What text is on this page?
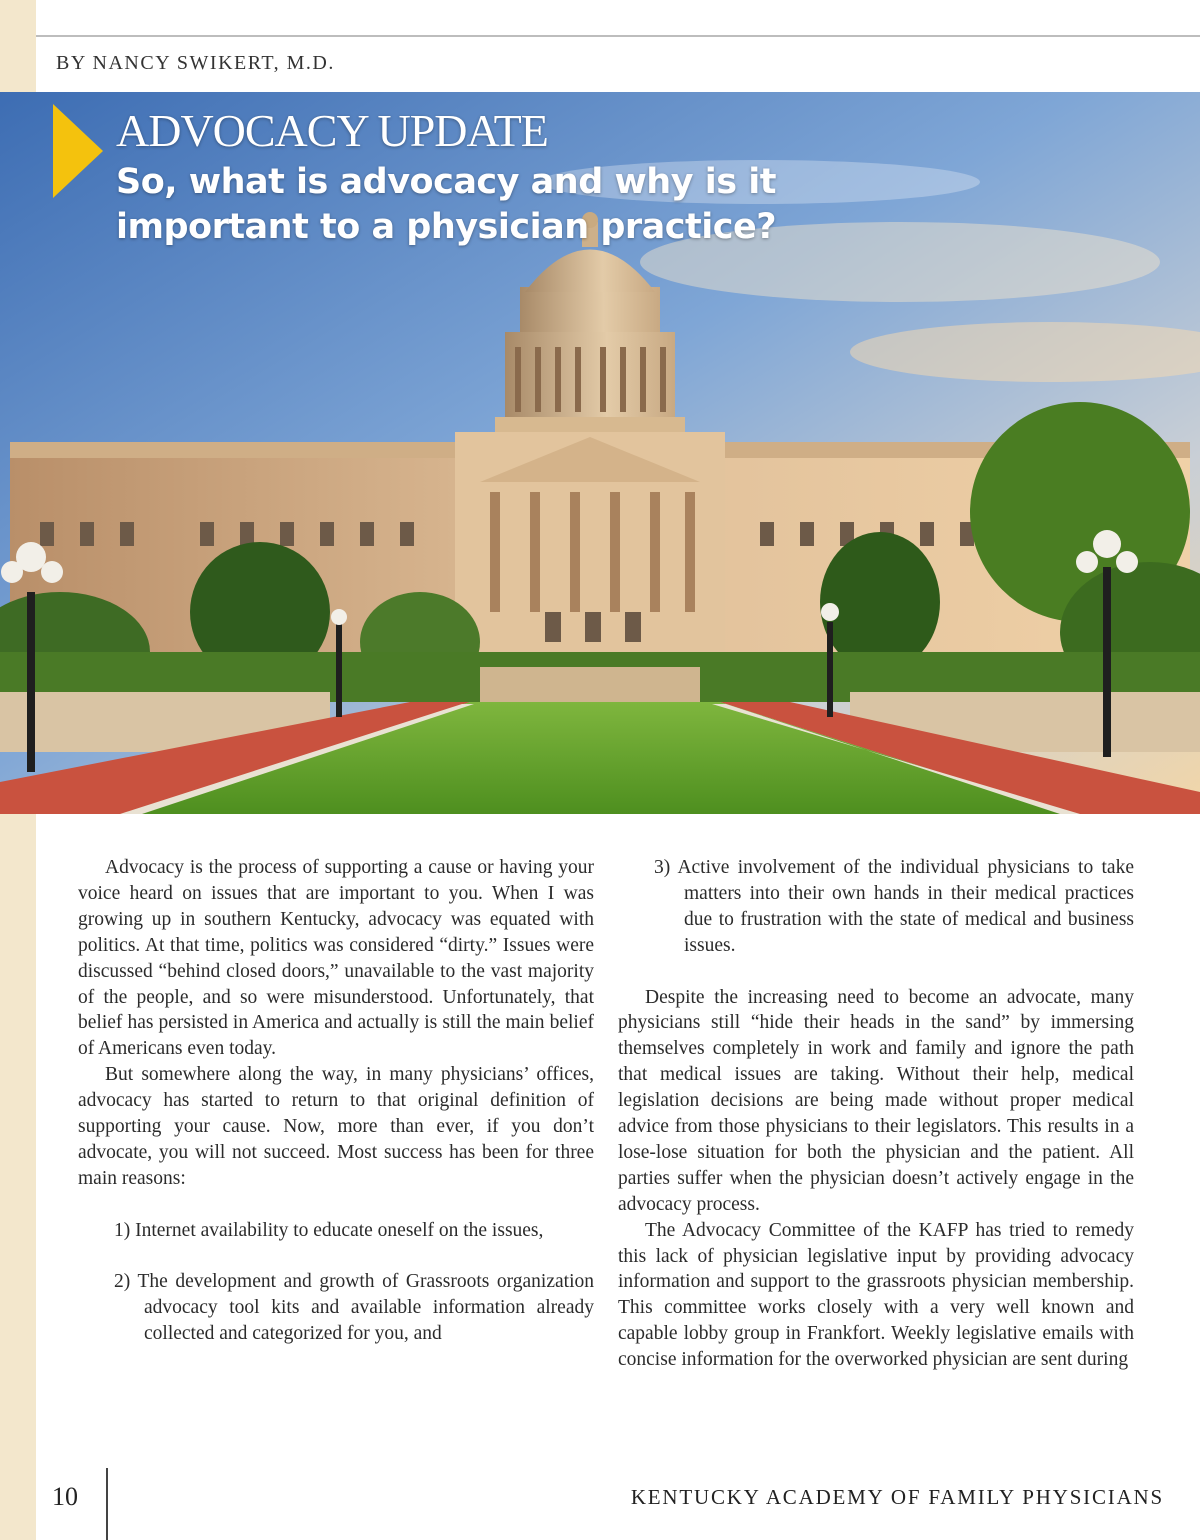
BY NANCY SWIKERT, M.D.
ADVOCACY UPDATE
So, what is advocacy and why is it
important to a physician practice?

Advocacy is the process of supporting a cause or having your voice heard on issues that are important to you. When I was growing up in southern Kentucky, advocacy was equated with politics. At that time, politics was considered “dirty.” Issues were discussed “behind closed doors,” unavailable to the vast majority of the people, and so were misunderstood. Unfortunately, that belief has persisted in America and actually is still the main belief of Americans even today.

But somewhere along the way, in many physicians’ offices, advocacy has started to return to that original definition of supporting your cause. Now, more than ever, if you don’t advocate, you will not succeed. Most success has been for three main reasons:

1) Internet availability to educate oneself on the issues,
2) The development and growth of Grassroots organization advocacy tool kits and available information already collected and categorized for you, and
3) Active involvement of the individual physicians to take matters into their own hands in their medical practices due to frustration with the state of medical and business issues.

Despite the increasing need to become an advocate, many physicians still “hide their heads in the sand” by immersing themselves completely in work and family and ignore the path that medical issues are taking. Without their help, medical legislation decisions are being made without proper medical advice from those physicians to their legislators. This results in a lose-lose situation for both the physician and the patient. All parties suffer when the physician doesn’t actively engage in the advocacy process.

The Advocacy Committee of the KAFP has tried to remedy this lack of physician legislative input by providing advocacy information and support to the grassroots physician membership. This committee works closely with a very well known and capable lobby group in Frankfort. Weekly legislative emails with concise information for the overworked physician are sent during

10	KENTUCKY ACADEMY OF FAMILY PHYSICIANS
